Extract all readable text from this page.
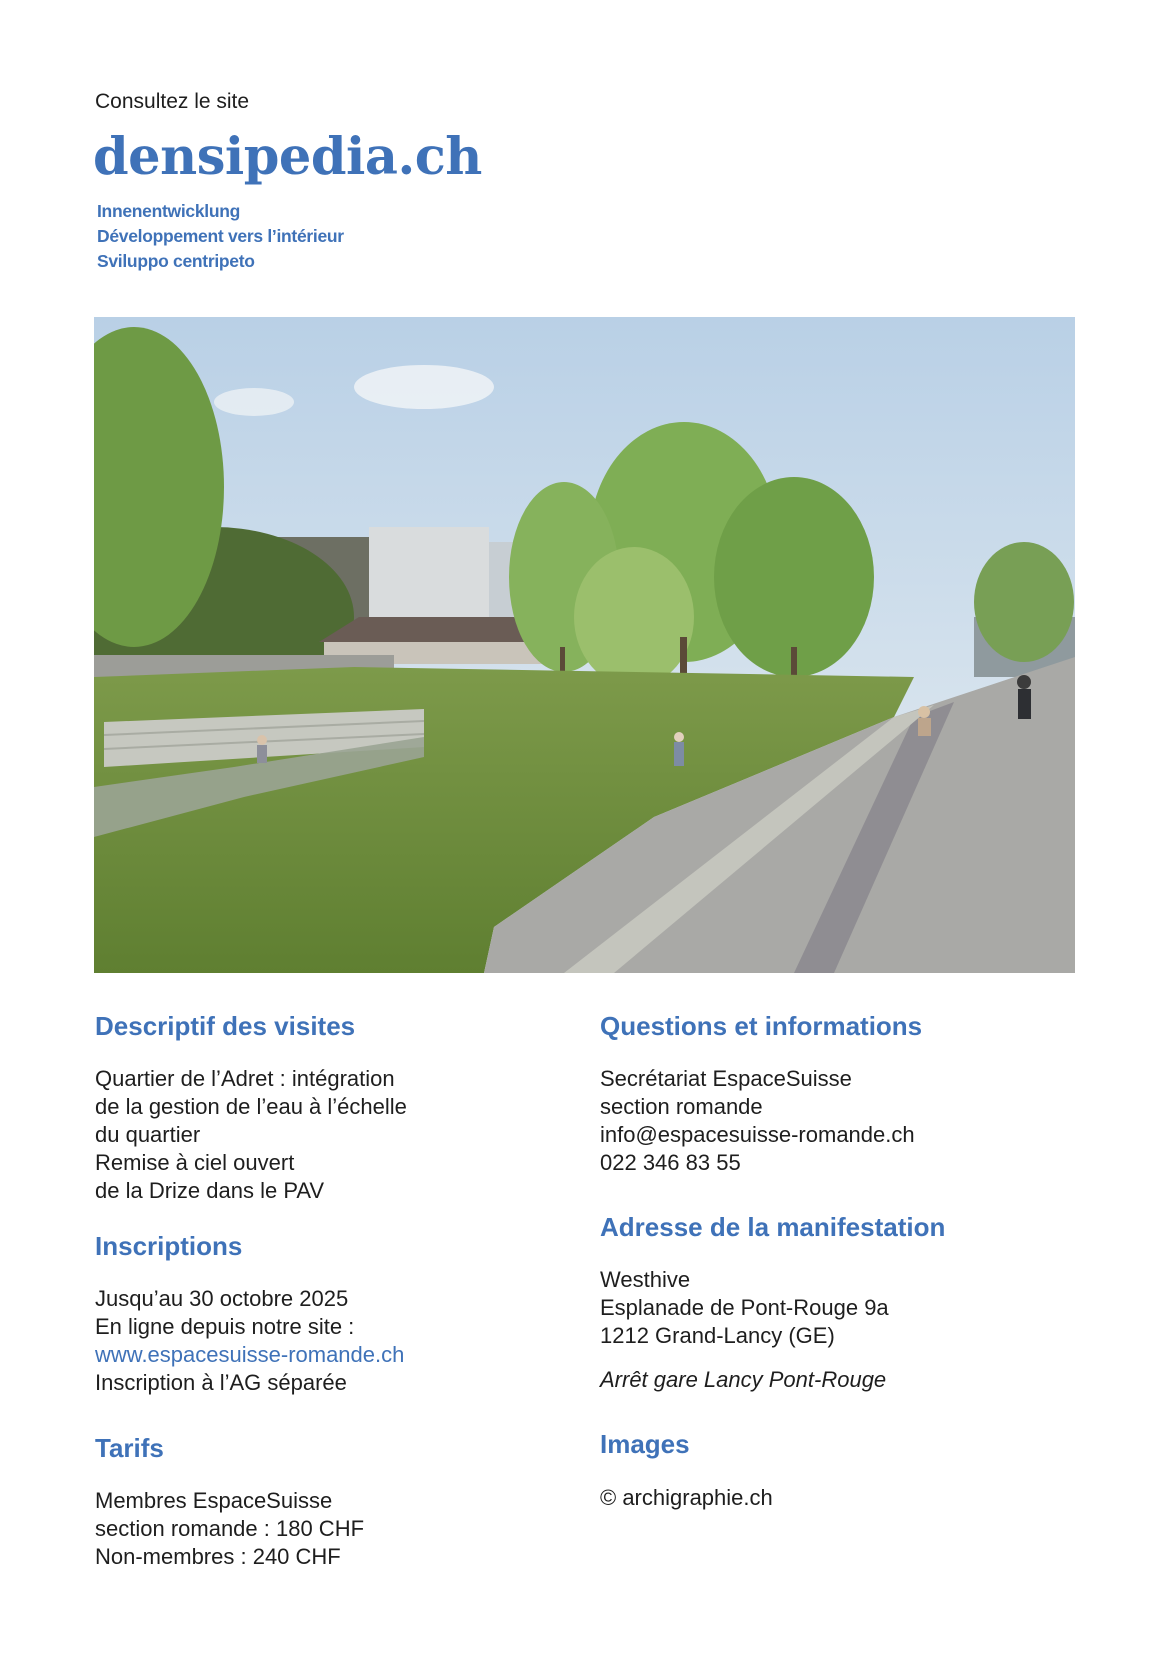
Consultez le site
densipedia.ch
Innenentwicklung
Développement vers l’intérieur
Sviluppo centripeto
Descriptif des visites
Quartier de l’Adret : intégration
de la gestion de l’eau à l’échelle
du quartier
Remise à ciel ouvert
de la Drize dans le PAV
Inscriptions
Jusqu’au 30 octobre 2025
En ligne depuis notre site :
www.espacesuisse-romande.ch
Inscription à l’AG séparée
Tarifs
Membres EspaceSuisse
section romande : 180 CHF
Non-membres : 240 CHF
Questions et informations
Secrétariat EspaceSuisse
section romande
info@espacesuisse-romande.ch
022 346 83 55
Adresse de la manifestation
Westhive
Esplanade de Pont-Rouge 9a
1212 Grand-Lancy (GE)
Arrêt gare Lancy Pont-Rouge
Images
© archigraphie.ch
